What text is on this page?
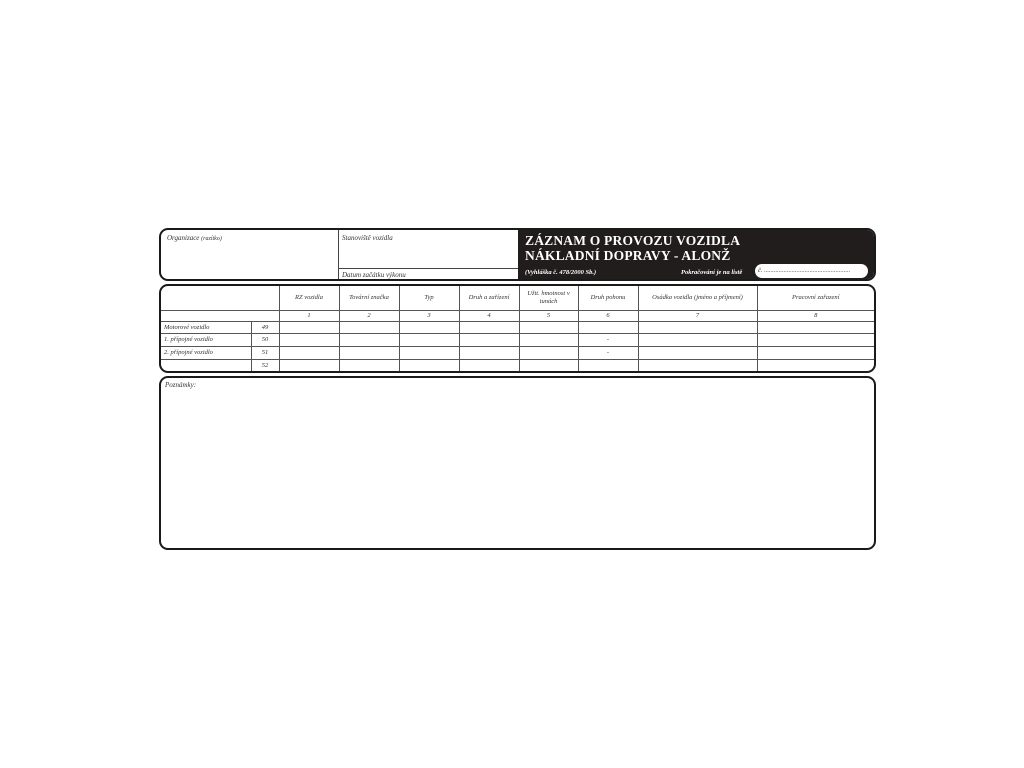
Organizace (razítko)	Stanoviště vozidla
Datum začátku výkonu
ZÁZNAM O PROVOZU VOZIDLA
NÁKLADNÍ DOPRAVY - ALONŽ
(Vyhláška č. 478/2000 Sb.)	Pokračování je na listě č. .....................................................
		RZ vozidla	Tovární značka	Typ	Druh a zařízení	Užit. hmotnost v tunách	Druh pohonu	Osádka vozidla (jméno a příjmení)	Pracovní zařazení
		1	2	3	4	5	6	7	8
Motorové vozidlo	49								
1. přípojné vozidlo	50						-		
2. přípojné vozidlo	51						-		
	52								
Poznámky:
